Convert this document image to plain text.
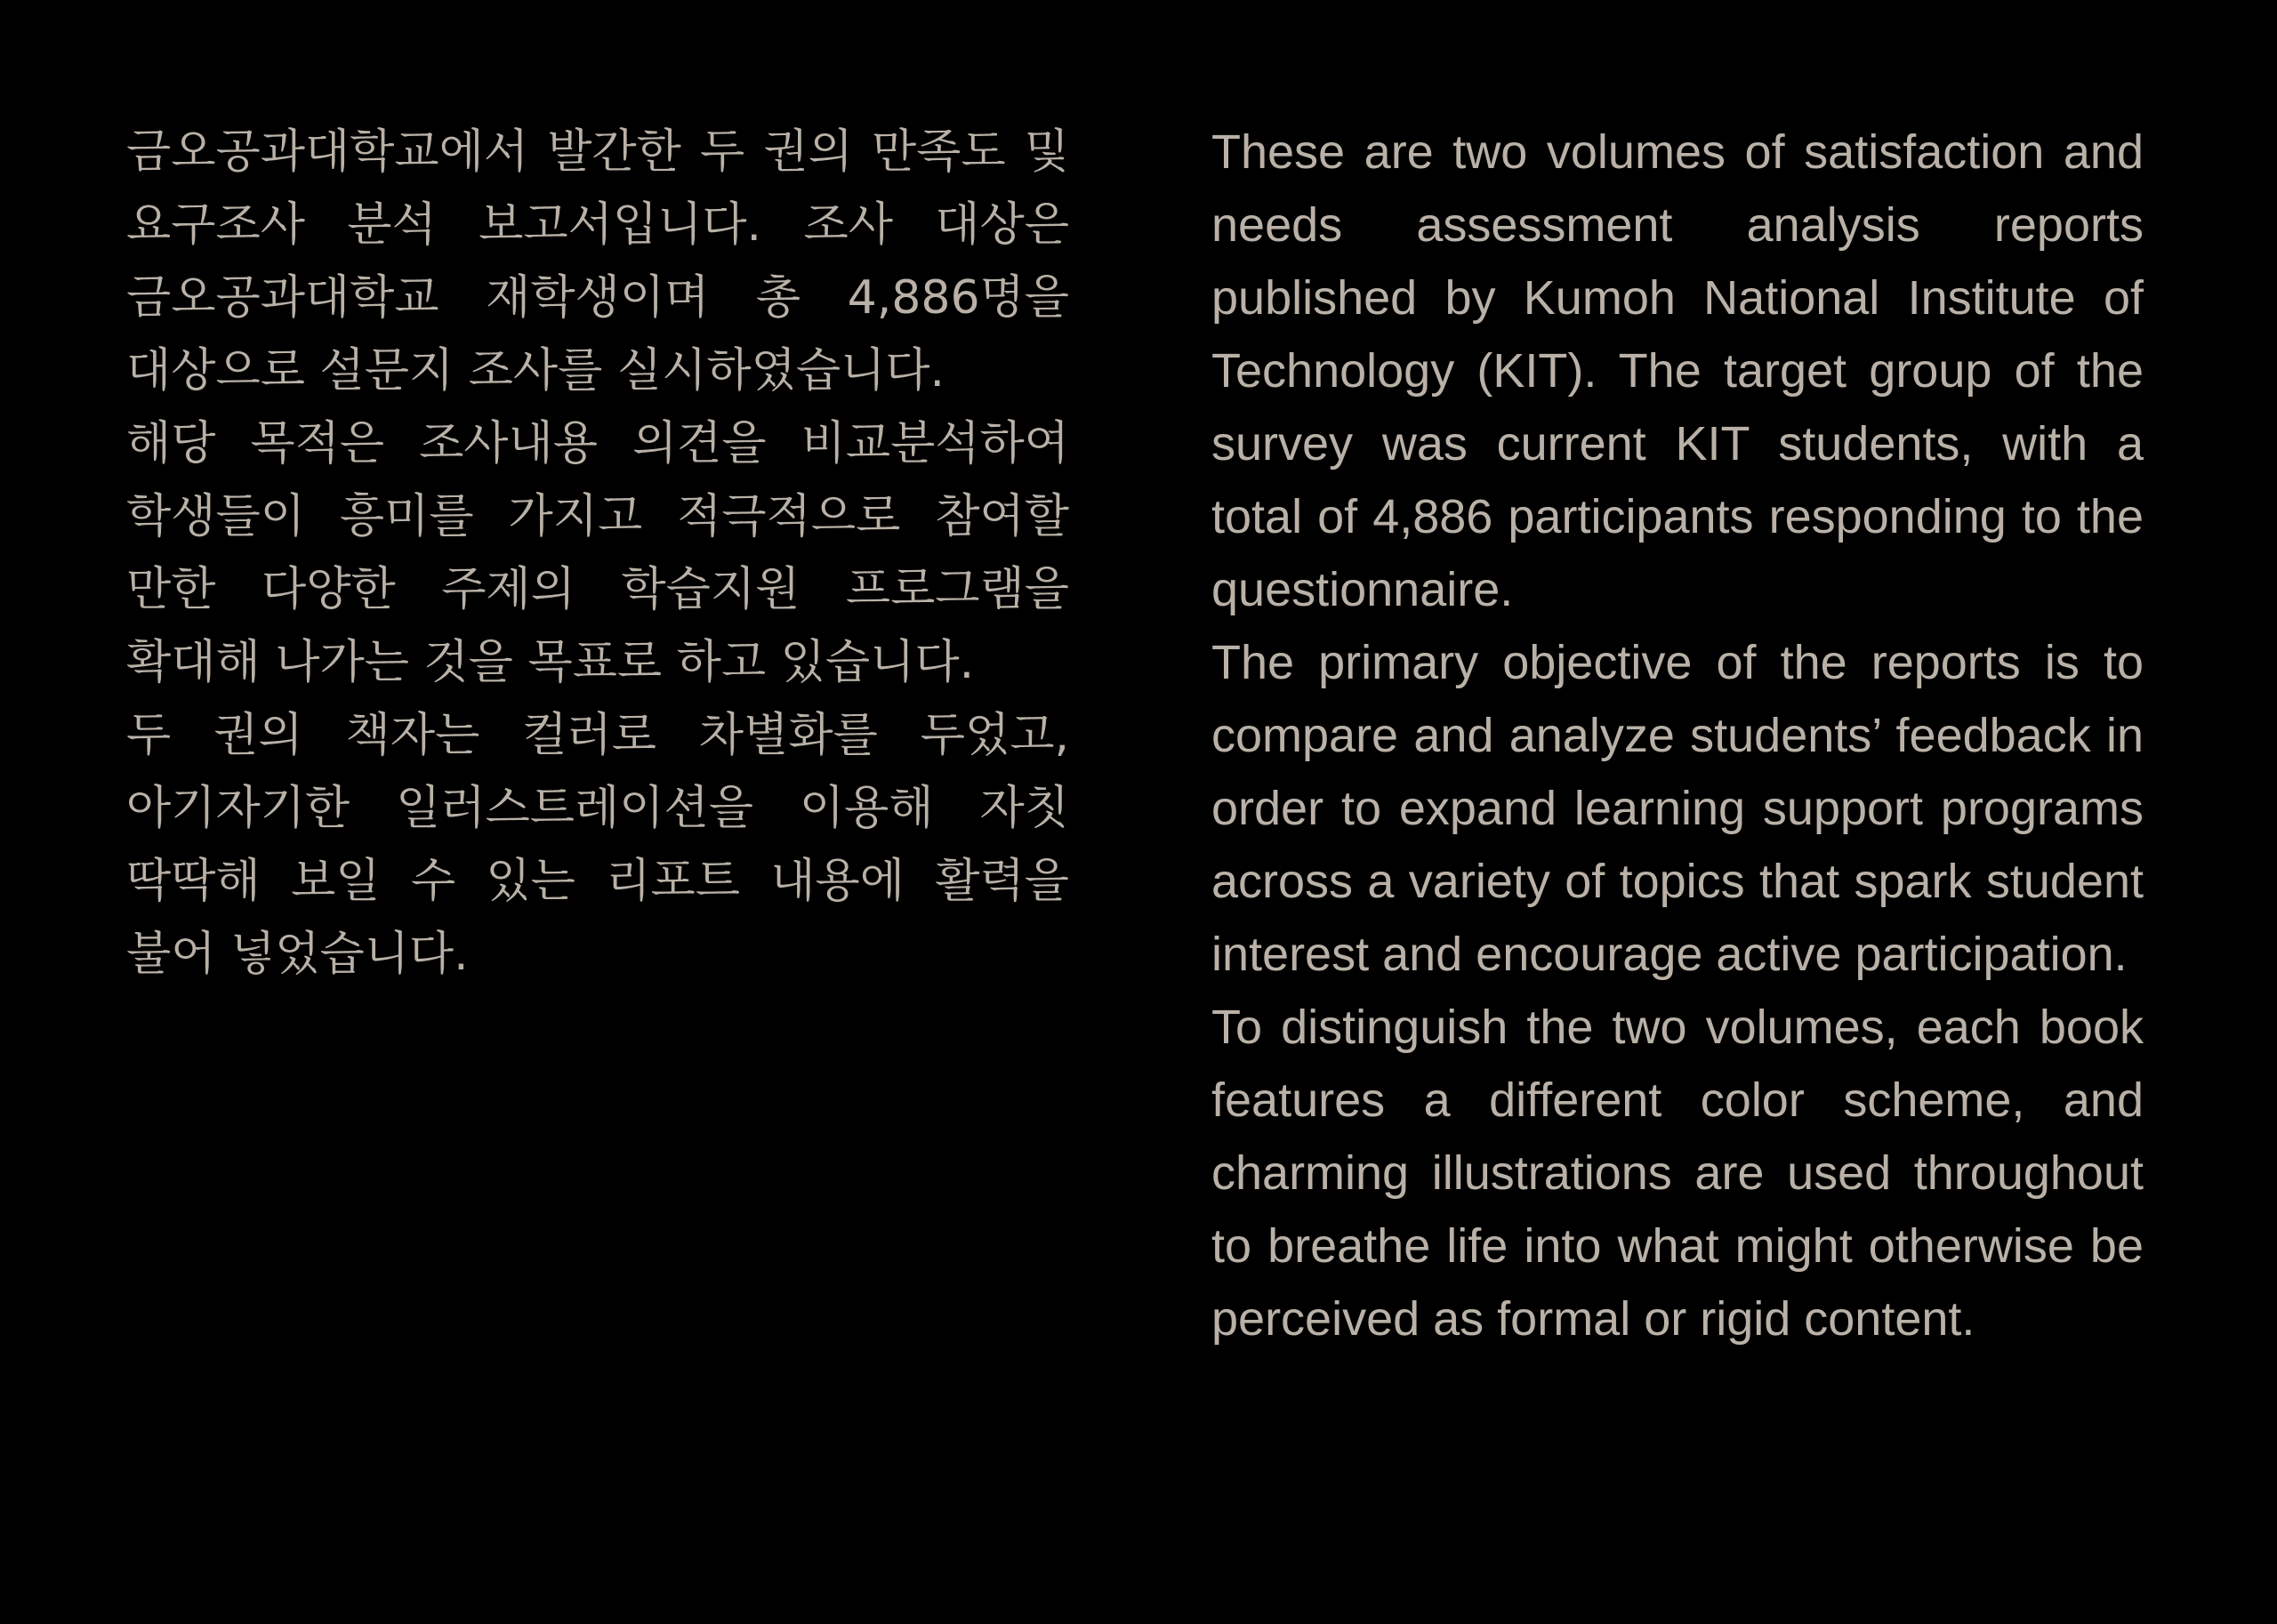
금오공과대학교에서 발간한 두 권의 만족도 및 요구조사 분석 보고서입니다. 조사 대상은 금오공과대학교 재학생이며 총 4,886명을 대상으로 설문지 조사를 실시하였습니다.

해당 목적은 조사내용 의견을 비교분석하여 학생들이 흥미를 가지고 적극적으로 참여할 만한 다양한 주제의 학습지원 프로그램을 확대해 나가는 것을 목표로 하고 있습니다.

두 권의 책자는 컬러로 차별화를 두었고, 아기자기한 일러스트레이션을 이용해 자칫 딱딱해 보일 수 있는 리포트 내용에 활력을 불어 넣었습니다.

These are two volumes of satisfaction and needs assessment analysis reports published by Kumoh National Institute of Technology (KIT). The target group of the survey was current KIT students, with a total of 4,886 participants responding to the questionnaire.

The primary objective of the reports is to compare and analyze students’ feedback in order to expand learning support programs across a variety of topics that spark student interest and encourage active participation.

To distinguish the two volumes, each book features a different color scheme, and charming illustrations are used throughout to breathe life into what might otherwise be perceived as formal or rigid content.
